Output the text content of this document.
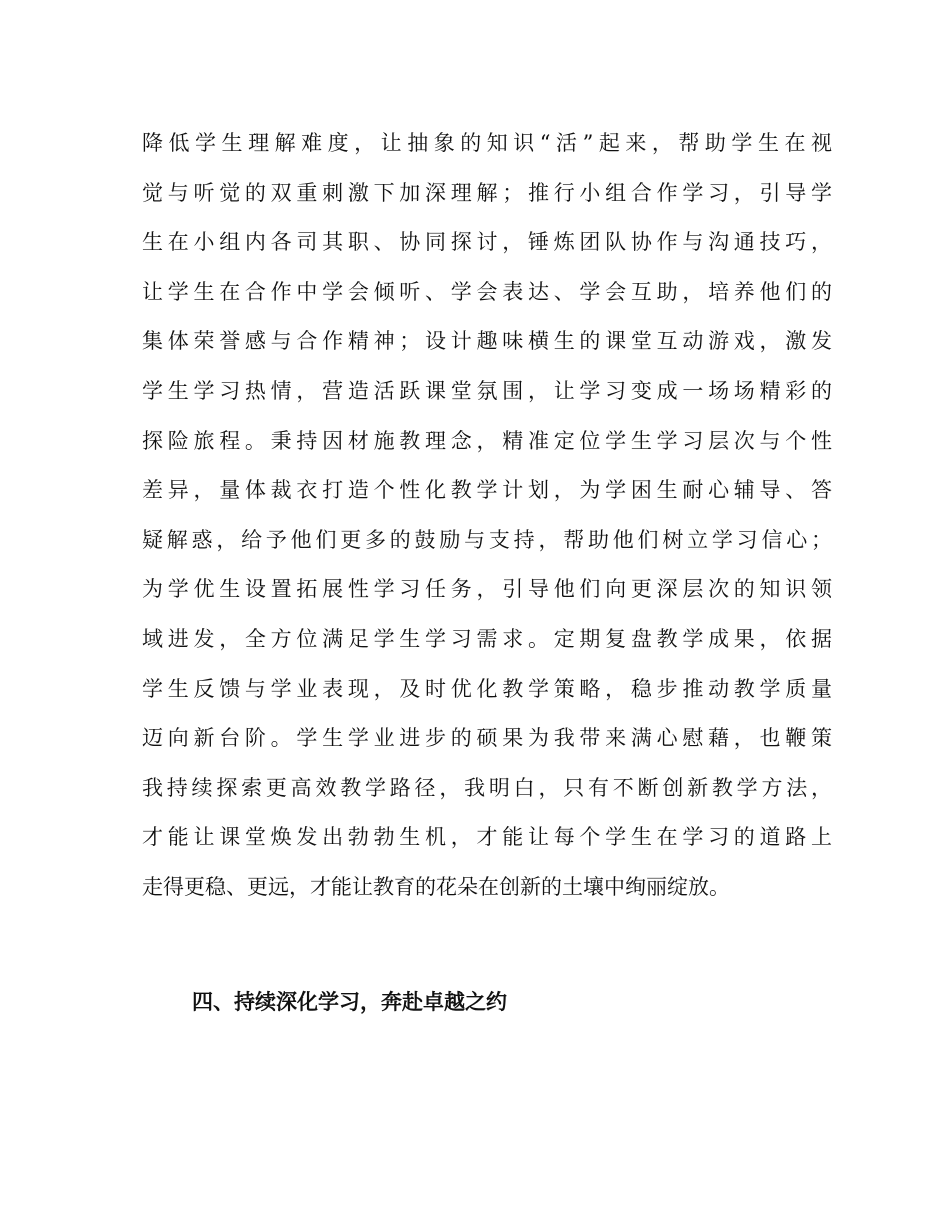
降低学生理解难度，让抽象的知识“活”起来，帮助学生在视
觉与听觉的双重刺激下加深理解；推行小组合作学习，引导学
生在小组内各司其职、协同探讨，锤炼团队协作与沟通技巧，
让学生在合作中学会倾听、学会表达、学会互助，培养他们的
集体荣誉感与合作精神；设计趣味横生的课堂互动游戏，激发
学生学习热情，营造活跃课堂氛围，让学习变成一场场精彩的
探险旅程。秉持因材施教理念，精准定位学生学习层次与个性
差异，量体裁衣打造个性化教学计划，为学困生耐心辅导、答
疑解惑，给予他们更多的鼓励与支持，帮助他们树立学习信心；
为学优生设置拓展性学习任务，引导他们向更深层次的知识领
域进发，全方位满足学生学习需求。定期复盘教学成果，依据
学生反馈与学业表现，及时优化教学策略，稳步推动教学质量
迈向新台阶。学生学业进步的硕果为我带来满心慰藉，也鞭策
我持续探索更高效教学路径，我明白，只有不断创新教学方法，
才能让课堂焕发出勃勃生机，才能让每个学生在学习的道路上
走得更稳、更远，才能让教育的花朵在创新的土壤中绚丽绽放。
四、持续深化学习，奔赴卓越之约
